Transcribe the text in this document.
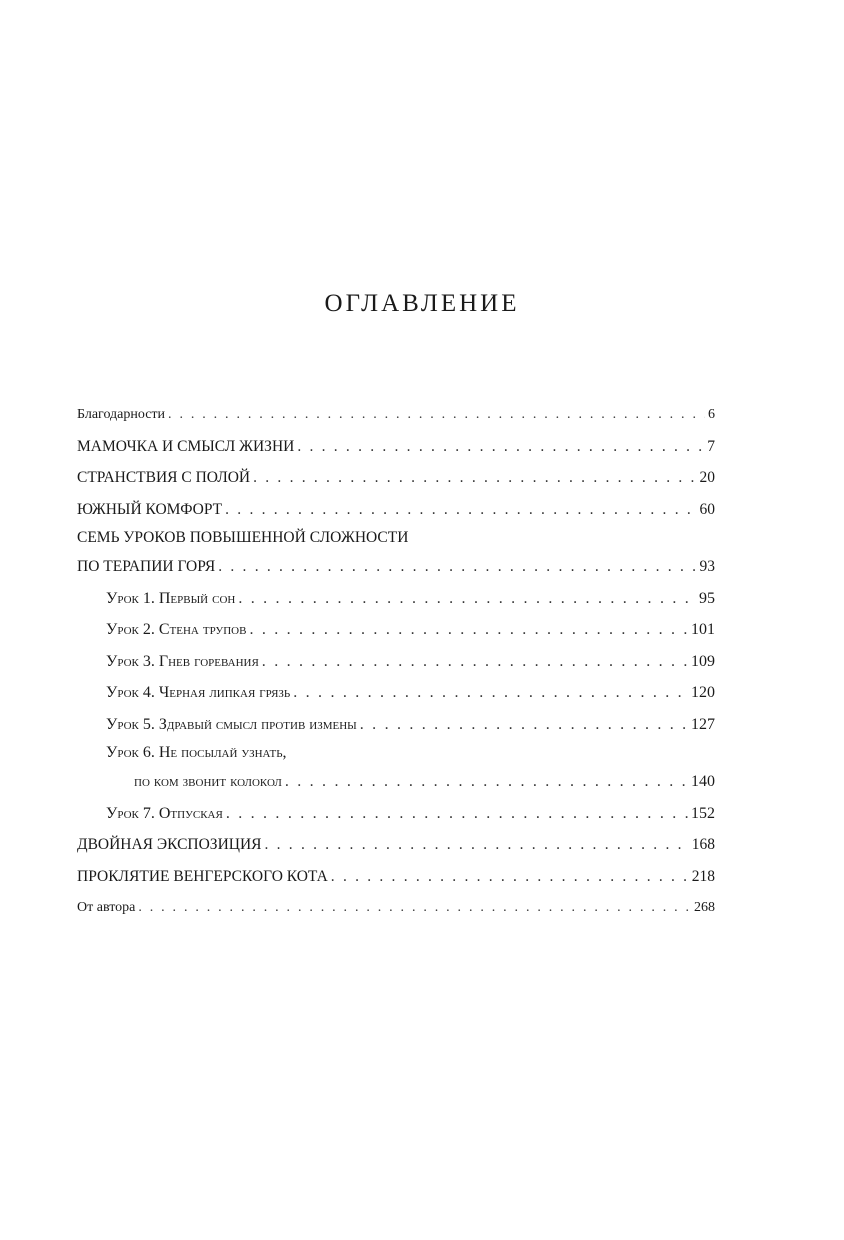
ОГЛАВЛЕНИЕ
Благодарности . . .	6
МАМОЧКА И СМЫСЛ ЖИЗНИ . . .	7
СТРАНСТВИЯ С ПОЛОЙ . . .	20
ЮЖНЫЙ КОМФОРТ . . .	60
СЕМЬ УРОКОВ ПОВЫШЕННОЙ СЛОЖНОСТИ
ПО ТЕРАПИИ ГОРЯ . . .	93
Урок 1. Первый сон . . .	95
Урок 2. Стена трупов . . .	101
Урок 3. Гнев горевания . . .	109
Урок 4. Черная липкая грязь . . .	120
Урок 5. Здравый смысл против измены . . .	127
Урок 6. Не посылай узнать,
по ком звонит колокол . . .	140
Урок 7. Отпуская . . .	152
ДВОЙНАЯ ЭКСПОЗИЦИЯ . . .	168
ПРОКЛЯТИЕ ВЕНГЕРСКОГО КОТА . . .	218
От автора . . .	268
